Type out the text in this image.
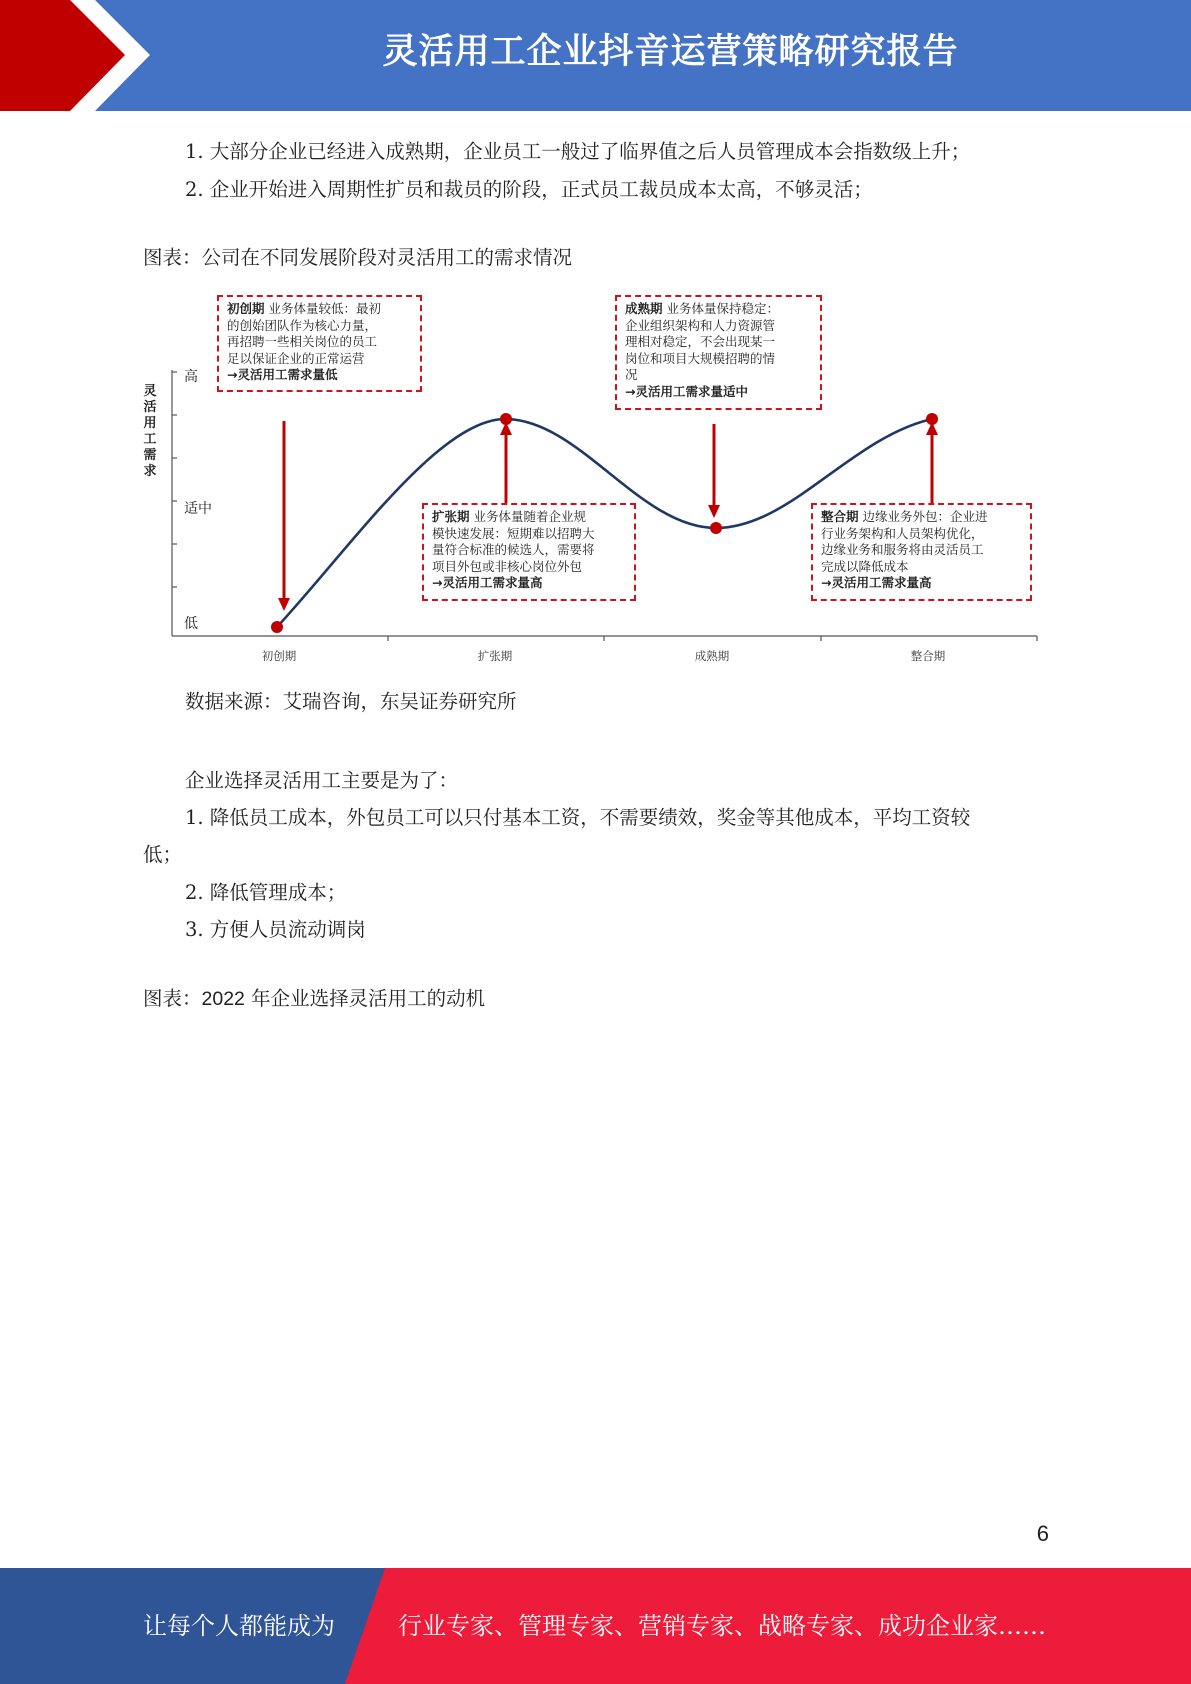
灵活用工企业抖音运营策略研究报告
1. 大部分企业已经进入成熟期，企业员工一般过了临界值之后人员管理成本会指数级上升；
2. 企业开始进入周期性扩员和裁员的阶段，正式员工裁员成本太高，不够灵活；
图表：公司在不同发展阶段对灵活用工的需求情况
灵活用工需求
高
适中
低
初创期	扩张期	成熟期	整合期
初创期 业务体量较低：最初
的创始团队作为核心力量，
再招聘一些相关岗位的员工
足以保证企业的正常运营
→灵活用工需求量低
扩张期 业务体量随着企业规
模快速发展：短期难以招聘大
量符合标准的候选人，需要将
项目外包或非核心岗位外包
→灵活用工需求量高
成熟期 业务体量保持稳定：
企业组织架构和人力资源管
理相对稳定，不会出现某一
岗位和项目大规模招聘的情
况
→灵活用工需求量适中
整合期 边缘业务外包：企业进
行业务架构和人员架构优化，
边缘业务和服务将由灵活员工
完成以降低成本
→灵活用工需求量高
数据来源：艾瑞咨询，东吴证券研究所
企业选择灵活用工主要是为了：
1. 降低员工成本，外包员工可以只付基本工资，不需要绩效，奖金等其他成本，平均工资较
低；
2. 降低管理成本；
3. 方便人员流动调岗
图表：2022 年企业选择灵活用工的动机
6
让每个人都能成为	行业专家、管理专家、营销专家、战略专家、成功企业家……
